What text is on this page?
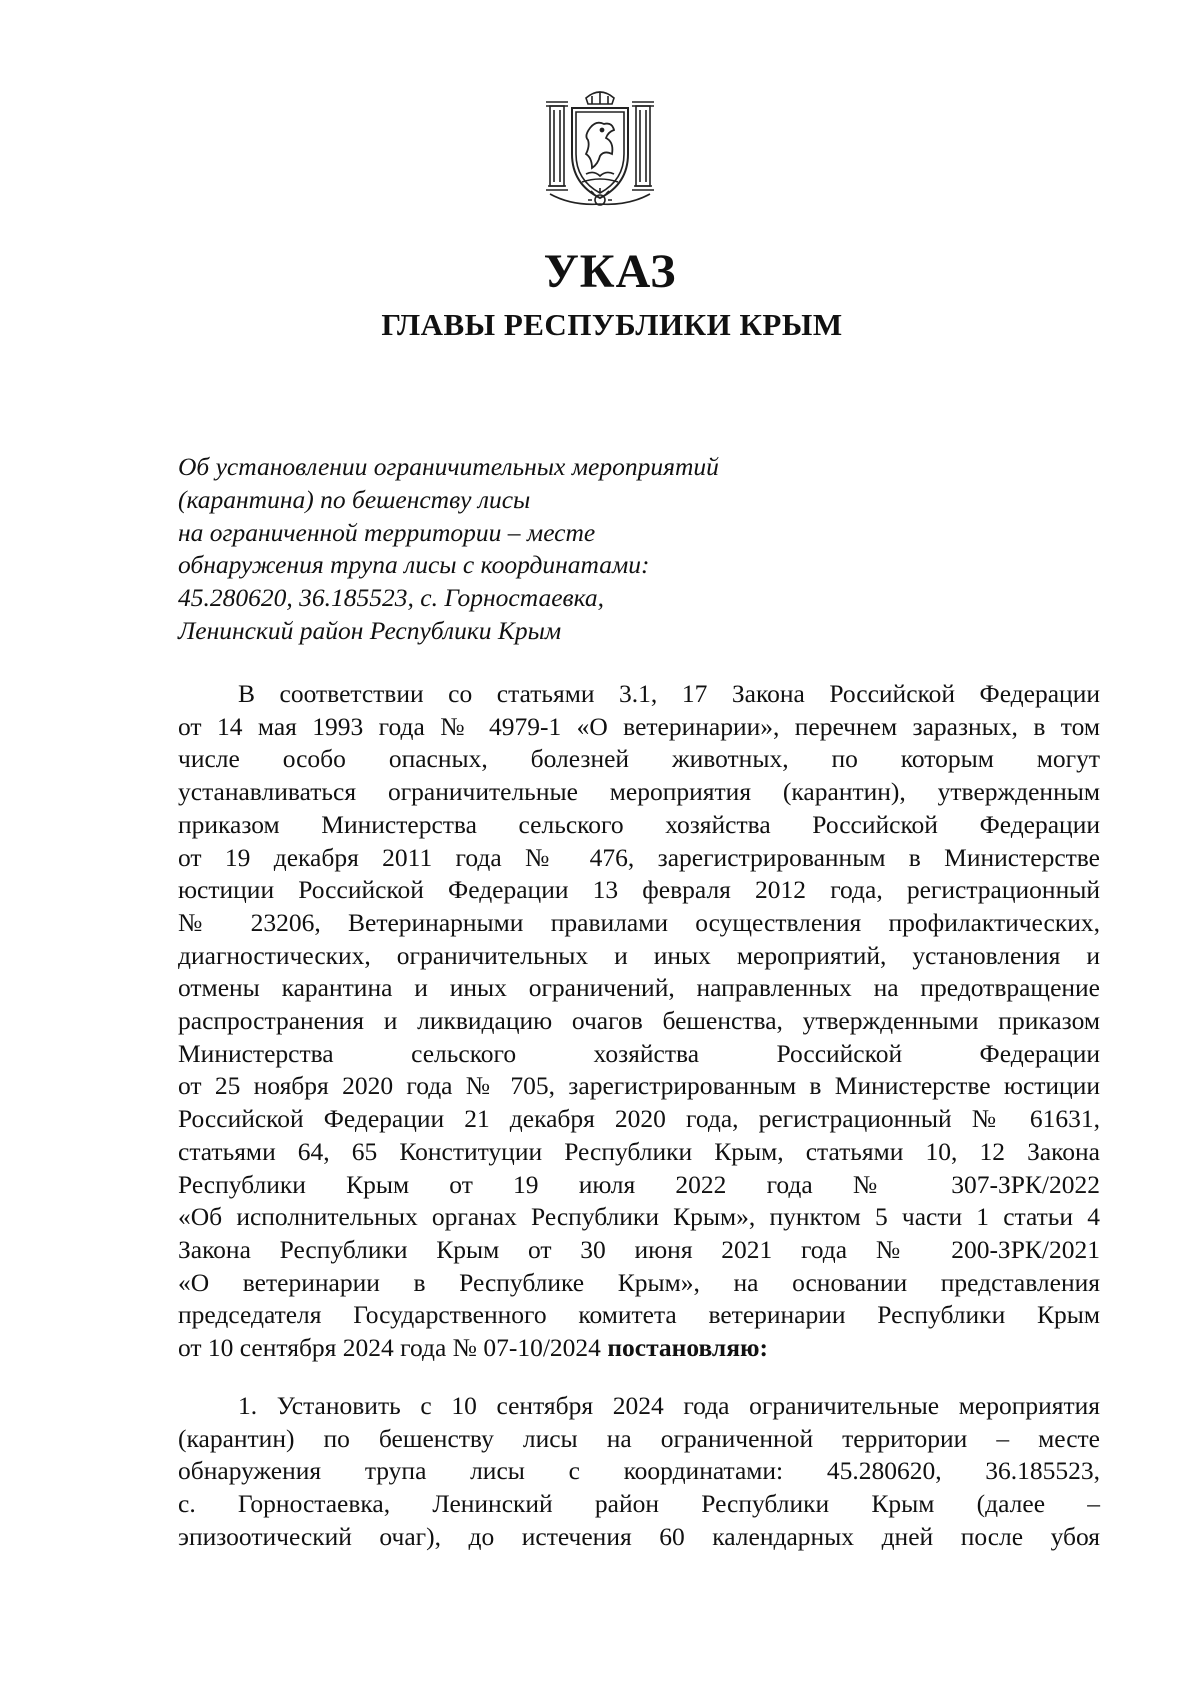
УКАЗ
ГЛАВЫ РЕСПУБЛИКИ КРЫМ
Об установлении ограничительных мероприятий
(карантина) по бешенству лисы
на ограниченной территории – месте
обнаружения трупа лисы с координатами:
45.280620, 36.185523, с. Горностаевка,
Ленинский район Республики Крым
В соответствии со статьями 3.1, 17 Закона Российской Федерации
от 14 мая 1993 года № 4979-1 «О ветеринарии», перечнем заразных, в том
числе особо опасных, болезней животных, по которым могут
устанавливаться ограничительные мероприятия (карантин), утвержденным
приказом Министерства сельского хозяйства Российской Федерации
от 19 декабря 2011 года № 476, зарегистрированным в Министерстве
юстиции Российской Федерации 13 февраля 2012 года, регистрационный
№ 23206, Ветеринарными правилами осуществления профилактических,
диагностических, ограничительных и иных мероприятий, установления и
отмены карантина и иных ограничений, направленных на предотвращение
распространения и ликвидацию очагов бешенства, утвержденными приказом
Министерства сельского хозяйства Российской Федерации
от 25 ноября 2020 года № 705, зарегистрированным в Министерстве юстиции
Российской Федерации 21 декабря 2020 года, регистрационный № 61631,
статьями 64, 65 Конституции Республики Крым, статьями 10, 12 Закона
Республики Крым от 19 июля 2022 года № 307-ЗРК/2022
«Об исполнительных органах Республики Крым», пунктом 5 части 1 статьи 4
Закона Республики Крым от 30 июня 2021 года № 200-ЗРК/2021
«О ветеринарии в Республике Крым», на основании представления
председателя Государственного комитета ветеринарии Республики Крым
от 10 сентября 2024 года № 07-10/2024 постановляю:
1. Установить с 10 сентября 2024 года ограничительные мероприятия
(карантин) по бешенству лисы на ограниченной территории – месте
обнаружения трупа лисы с координатами: 45.280620, 36.185523,
с. Горностаевка, Ленинский район Республики Крым (далее –
эпизоотический очаг), до истечения 60 календарных дней после убоя
